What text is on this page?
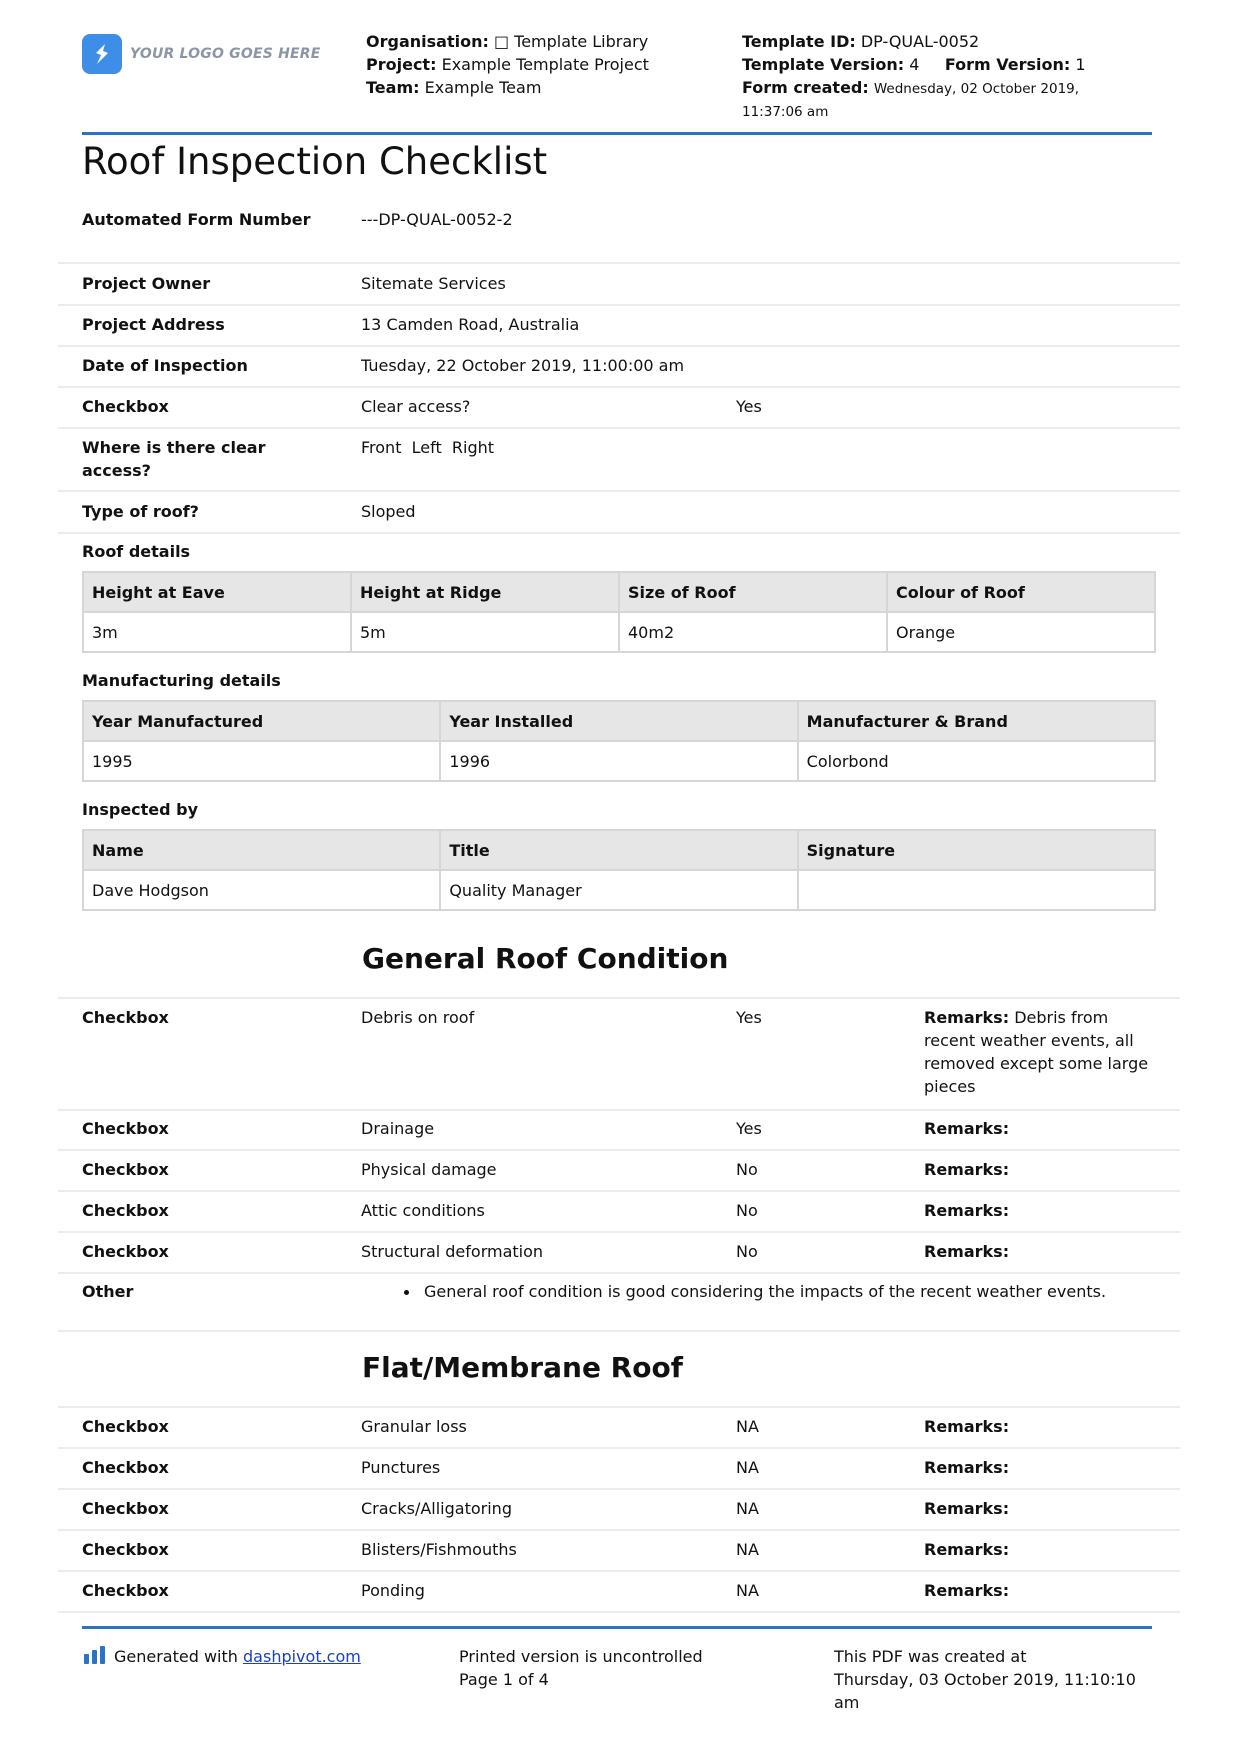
YOUR LOGO GOES HERE
Organisation: □ Template Library
Project: Example Template Project
Team: Example Team
Template ID: DP-QUAL-0052
Template Version: 4 Form Version: 1
Form created: Wednesday, 02 October 2019,
11:37:06 am
Roof Inspection Checklist
Automated Form Number	---DP-QUAL-0052-2
Project Owner	Sitemate Services
Project Address	13 Camden Road, Australia
Date of Inspection	Tuesday, 22 October 2019, 11:00:00 am
Checkbox	Clear access?	Yes
Where is there clear access?
Front  Left  Right
Type of roof?	Sloped
Roof details
Height at Eave	Height at Ridge	Size of Roof	Colour of Roof
3m	5m	40m2	Orange
Manufacturing details
Year Manufactured	Year Installed	Manufacturer & Brand
1995	1996	Colorbond
Inspected by
Name	Title	Signature
Dave Hodgson	Quality Manager	
General Roof Condition
Checkbox	Debris on roof	Yes	Remarks: Debris from recent weather events, all removed except some large pieces
Checkbox	Drainage	Yes	Remarks:
Checkbox	Physical damage	No	Remarks:
Checkbox	Attic conditions	No	Remarks:
Checkbox	Structural deformation	No	Remarks:
Other	General roof condition is good considering the impacts of the recent weather events.
Flat/Membrane Roof
Checkbox	Granular loss	NA	Remarks:
Checkbox	Punctures	NA	Remarks:
Checkbox	Cracks/Alligatoring	NA	Remarks:
Checkbox	Blisters/Fishmouths	NA	Remarks:
Checkbox	Ponding	NA	Remarks:
Generated with dashpivot.com	Printed version is uncontrolled
Page 1 of 4
This PDF was created at
Thursday, 03 October 2019, 11:10:10
am
